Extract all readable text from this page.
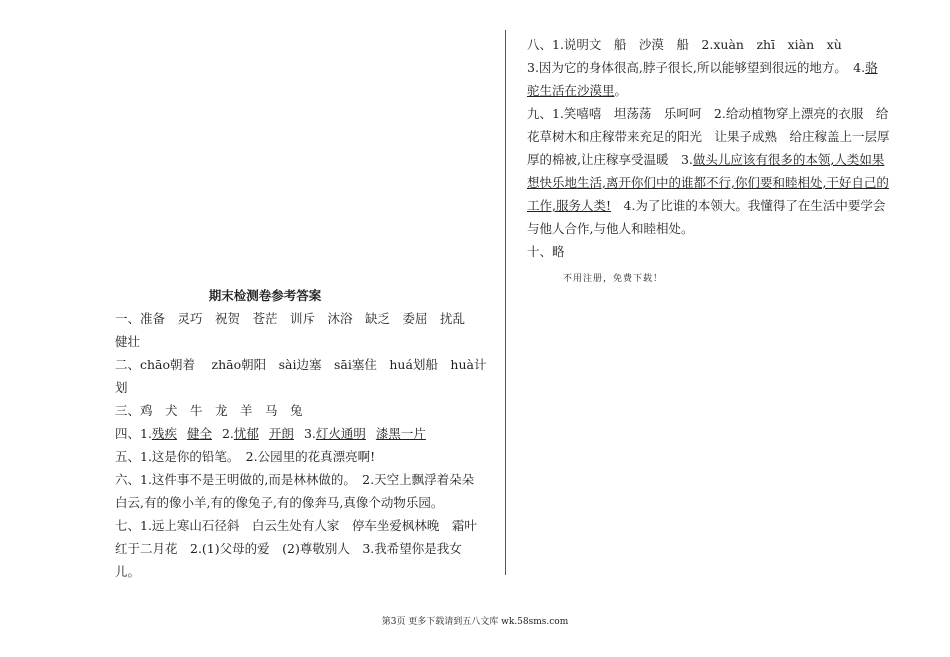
期末检测卷参考答案
一、准备　灵巧　祝贺　苍茫　训斥　沐浴　缺乏　委屈　扰乱
健壮
二、chāo朝着　 zhāo朝阳　sài边塞　sāi塞住　huá划船　huà计
划
三、鸡　犬　牛　龙　羊　马　兔
四、1.残疾 健全 2.忧郁 开朗 3.灯火通明 漆黑一片
五、1.这是你的铅笔。　2.公园里的花真漂亮啊!
六、1.这件事不是王明做的,而是林林做的。　2.天空上飘浮着朵朵
白云,有的像小羊,有的像兔子,有的像奔马,真像个动物乐园。
七、1.远上寒山石径斜　白云生处有人家　停车坐爱枫林晚　霜叶
红于二月花　2.(1)父母的爱　(2)尊敬别人　3.我希望你是我女
儿。
八、1.说明文　船　沙漠　船　2.xuàn　zhī　xiàn　xù
3.因为它的身体很高,脖子很长,所以能够望到很远的地方。　4.骆
驼生活在沙漠里。
九、1.笑嘻嘻　坦荡荡　乐呵呵　2.给动植物穿上漂亮的衣服　给
花草树木和庄稼带来充足的阳光　让果子成熟　给庄稼盖上一层厚
厚的棉被,让庄稼享受温暖　3.做头儿应该有很多的本领,人类如果
想快乐地生活,离开你们中的谁都不行,你们要和睦相处,干好自己的
工作,服务人类!　4.为了比谁的本领大。我懂得了在生活中要学会
与他人合作,与他人和睦相处。
十、略
不用注册，免费下载！
第3页 更多下载请到五八文库 wk.58sms.com
